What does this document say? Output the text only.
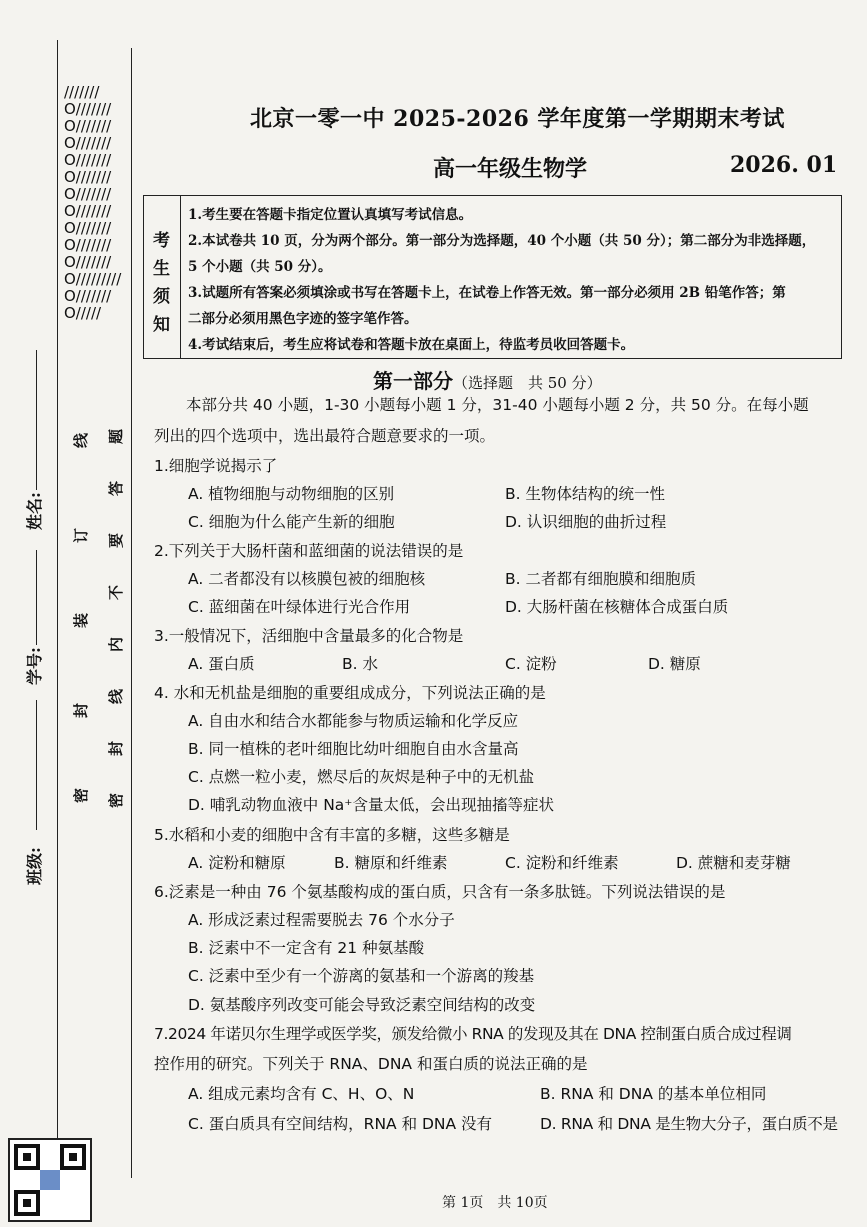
///////O///////O///////O///////O///////O///////O///////O///////O///////O///////O///////O/////////O///////O/////
班级:
学号:
姓名:
密
封
装
订
线
密
封
线
内
不
要
答
题
北京一零一中 2025-2026 学年度第一学期期末考试
高一年级生物学	2026. 01
考
生
须
知
1.考生要在答题卡指定位置认真填写考试信息。
2.本试卷共 10 页，分为两个部分。第一部分为选择题，40 个小题（共 50 分）；第二部分为非选择题，
5 个小题（共 50 分）。
3.试题所有答案必须填涂或书写在答题卡上，在试卷上作答无效。第一部分必须用 2B 铅笔作答；第
二部分必须用黑色字迹的签字笔作答。
4.考试结束后，考生应将试卷和答题卡放在桌面上，待监考员收回答题卡。
第一部分（选择题　共 50 分）
本部分共 40 小题，1-30 小题每小题 1 分，31-40 小题每小题 2 分，共 50 分。在每小题
列出的四个选项中，选出最符合题意要求的一项。
1.细胞学说揭示了
A. 植物细胞与动物细胞的区别	B. 生物体结构的统一性
C. 细胞为什么能产生新的细胞	D. 认识细胞的曲折过程
2.下列关于大肠杆菌和蓝细菌的说法错误的是
A. 二者都没有以核膜包被的细胞核	B. 二者都有细胞膜和细胞质
C. 蓝细菌在叶绿体进行光合作用	D. 大肠杆菌在核糖体合成蛋白质
3.一般情况下，活细胞中含量最多的化合物是
A. 蛋白质	B. 水	C. 淀粉	D. 糖原
4. 水和无机盐是细胞的重要组成成分，下列说法正确的是
A. 自由水和结合水都能参与物质运输和化学反应
B. 同一植株的老叶细胞比幼叶细胞自由水含量高
C. 点燃一粒小麦，燃尽后的灰烬是种子中的无机盐
D. 哺乳动物血液中 Na⁺含量太低，会出现抽搐等症状
5.水稻和小麦的细胞中含有丰富的多糖，这些多糖是
A. 淀粉和糖原	B. 糖原和纤维素	C. 淀粉和纤维素	D. 蔗糖和麦芽糖
6.泛素是一种由 76 个氨基酸构成的蛋白质，只含有一条多肽链。下列说法错误的是
A. 形成泛素过程需要脱去 76 个水分子
B. 泛素中不一定含有 21 种氨基酸
C. 泛素中至少有一个游离的氨基和一个游离的羧基
D. 氨基酸序列改变可能会导致泛素空间结构的改变
7.2024 年诺贝尔生理学或医学奖，颁发给微小 RNA 的发现及其在 DNA 控制蛋白质合成过程调
控作用的研究。下列关于 RNA、DNA 和蛋白质的说法正确的是
A. 组成元素均含有 C、H、O、N	B. RNA 和 DNA 的基本单位相同
C. 蛋白质具有空间结构，RNA 和 DNA 没有	D. RNA 和 DNA 是生物大分子，蛋白质不是
第 1页　共 10页
